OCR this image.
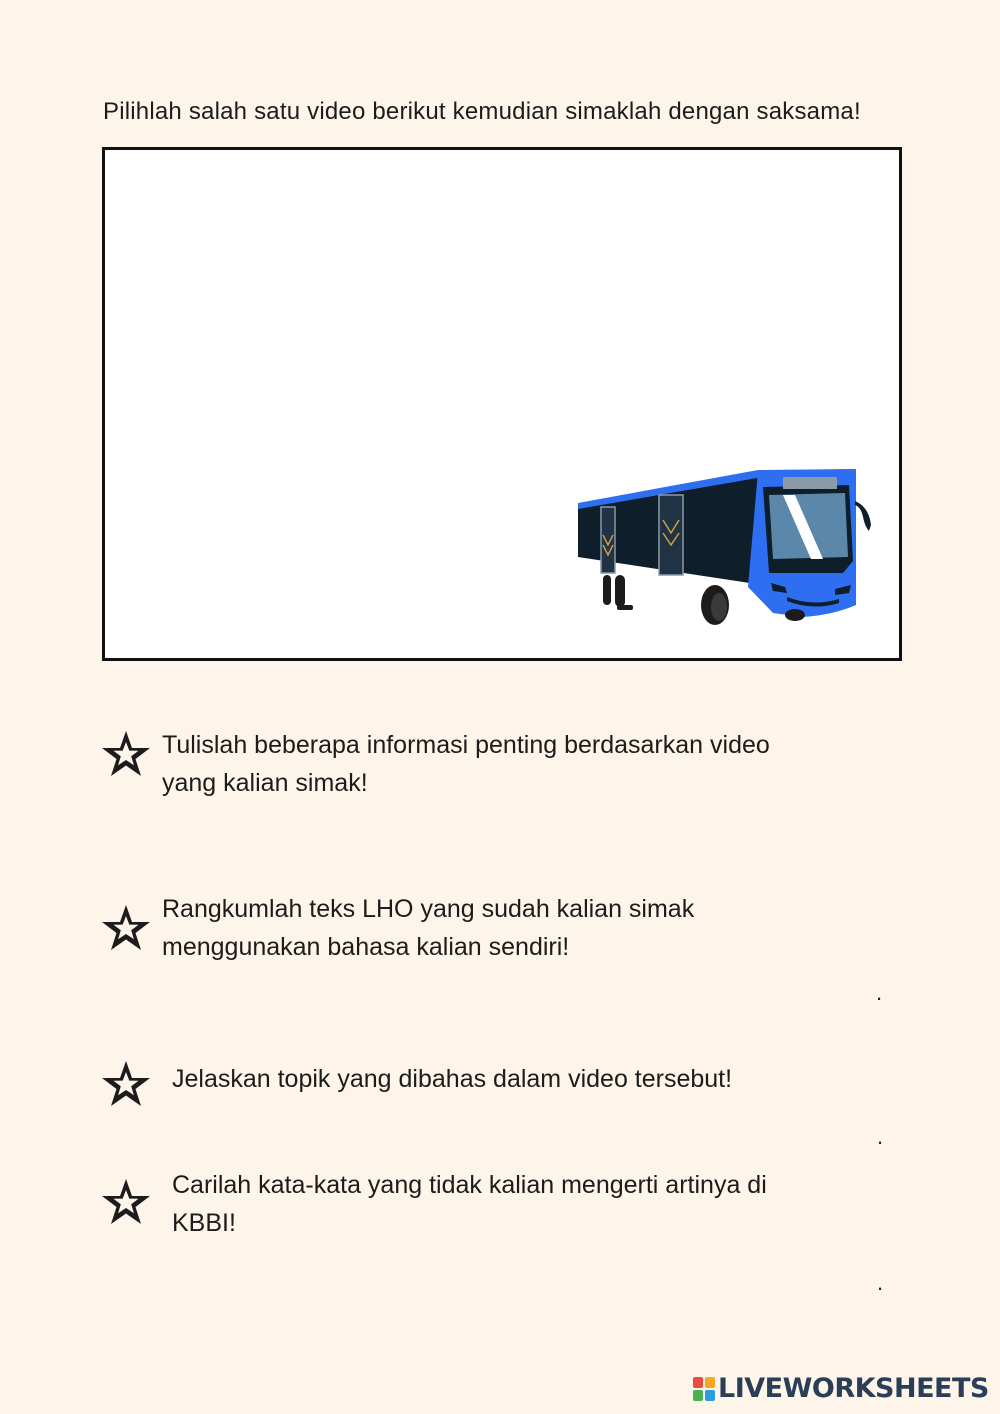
Pilihlah salah satu video berikut kemudian simaklah dengan saksama!
Tulislah beberapa informasi penting berdasarkan video
yang kalian simak!
Rangkumlah teks LHO yang sudah kalian simak
menggunakan bahasa kalian sendiri!
.
Jelaskan topik yang dibahas dalam video tersebut!
.
Carilah kata-kata yang tidak kalian mengerti artinya di
KBBI!
.
LIVEWORKSHEETS
